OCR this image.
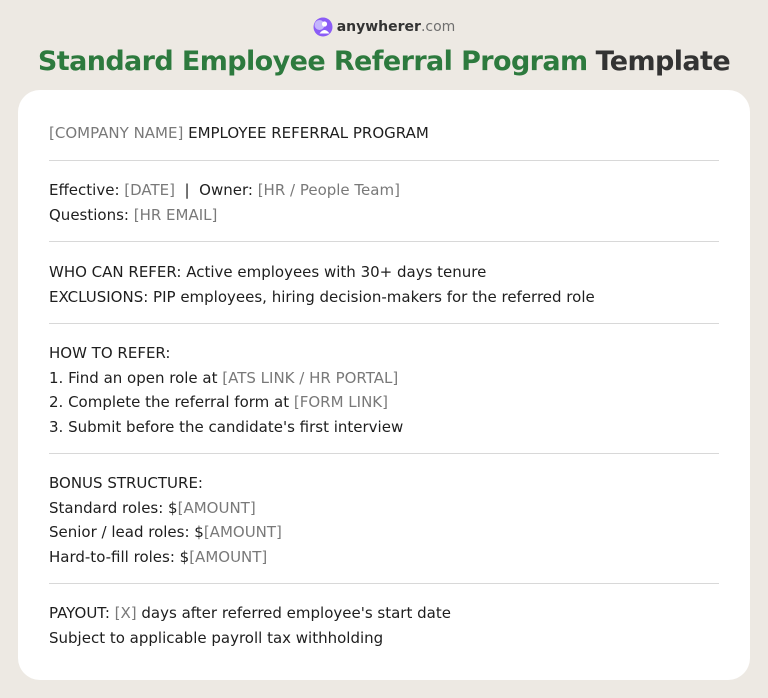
anywherer .com
Standard Employee Referral Program Template
[COMPANY NAME] EMPLOYEE REFERRAL PROGRAM
Effective: [DATE]  |  Owner: [HR / People Team]
Questions: [HR EMAIL]
WHO CAN REFER: Active employees with 30+ days tenure
EXCLUSIONS: PIP employees, hiring decision-makers for the referred role
HOW TO REFER:
1. Find an open role at [ATS LINK / HR PORTAL]
2. Complete the referral form at [FORM LINK]
3. Submit before the candidate's first interview
BONUS STRUCTURE:
Standard roles: $[AMOUNT]
Senior / lead roles: $[AMOUNT]
Hard-to-fill roles: $[AMOUNT]
PAYOUT: [X] days after referred employee's start date
Subject to applicable payroll tax withholding
